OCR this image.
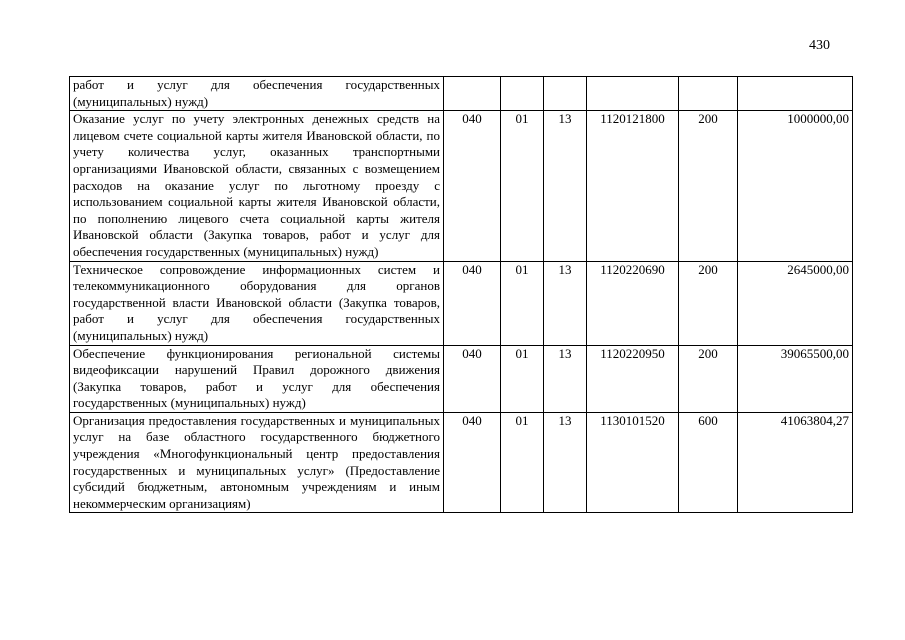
430
работ и услуг для обеспечения государственных (муниципальных) нужд)						
Оказание услуг по учету электронных денежных средств на лицевом счете социальной карты жителя Ивановской области, по учету количества услуг, оказанных транспортными организациями Ивановской области, связанных с возмещением расходов на оказание услуг по льготному проезду с использованием социальной карты жителя Ивановской области, по пополнению лицевого счета социальной карты жителя Ивановской области (Закупка товаров, работ и услуг для обеспечения государственных (муниципальных) нужд)	040	01	13	1120121800	200	1000000,00
Техническое сопровождение информационных систем и телекоммуникационного оборудования для органов государственной власти Ивановской области (Закупка товаров, работ и услуг для обеспечения государственных (муниципальных) нужд)	040	01	13	1120220690	200	2645000,00
Обеспечение функционирования региональной системы видеофиксации нарушений Правил дорожного движения (Закупка товаров, работ и услуг для обеспечения государственных (муниципальных) нужд)	040	01	13	1120220950	200	39065500,00
Организация предоставления государственных и муниципальных услуг на базе областного государственного бюджетного учреждения «Многофункциональный центр предоставления государственных и муниципальных услуг» (Предоставление субсидий бюджетным, автономным учреждениям и иным некоммерческим организациям)	040	01	13	1130101520	600	41063804,27
